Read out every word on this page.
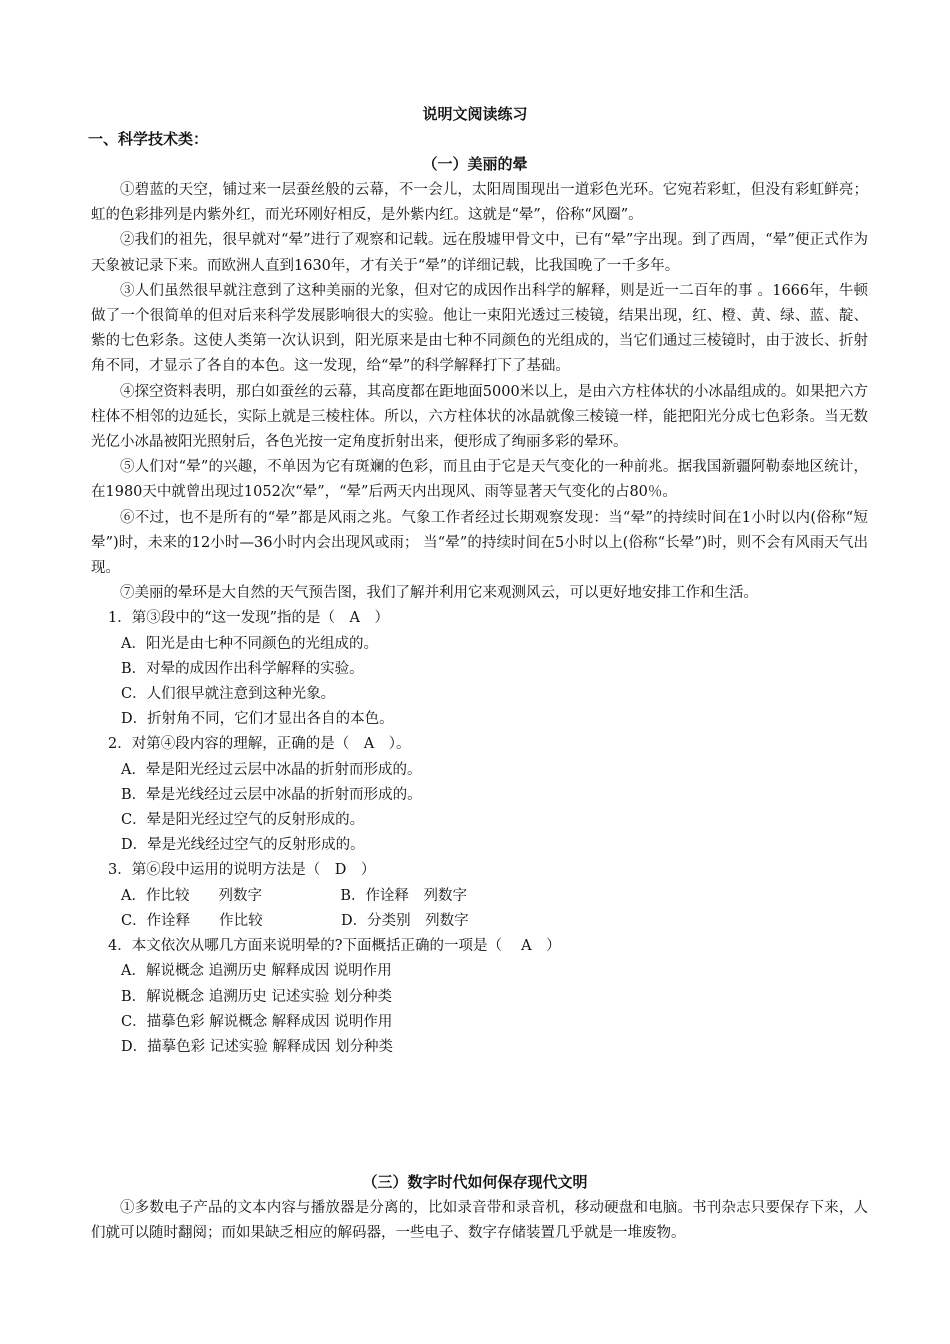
说明文阅读练习
一、科学技术类：
（一）美丽的晕

①碧蓝的天空，铺过来一层蚕丝般的云幕，不一会儿，太阳周围现出一道彩色光环。它宛若彩虹，但没有彩虹鲜亮；虹的色彩排列是内紫外红，而光环刚好相反，是外紫内红。这就是“晕”，俗称“风圈”。

②我们的祖先，很早就对“晕”进行了观察和记载。远在殷墟甲骨文中，已有“晕”字出现。到了西周，“晕”便正式作为天象被记录下来。而欧洲人直到1630年，才有关于“晕”的详细记载，比我国晚了一千多年。

③人们虽然很早就注意到了这种美丽的光象，但对它的成因作出科学的解释，则是近一二百年的事 。1666年，牛顿做了一个很简单的但对后来科学发展影响很大的实验。他让一束阳光透过三棱镜，结果出现，红、橙、黄、绿、蓝、靛、紫的七色彩条。这使人类第一次认识到，阳光原来是由七种不同颜色的光组成的，当它们通过三棱镜时，由于波长、折射角不同，才显示了各自的本色。这一发现，给“晕”的科学解释打下了基础。

④探空资料表明，那白如蚕丝的云幕，其高度都在距地面5000米以上，是由六方柱体状的小冰晶组成的。如果把六方柱体不相邻的边延长，实际上就是三棱柱体。所以，六方柱体状的冰晶就像三棱镜一样，能把阳光分成七色彩条。当无数光亿小冰晶被阳光照射后，各色光按一定角度折射出来，便形成了绚丽多彩的晕环。

⑤人们对“晕”的兴趣，不单因为它有斑斓的色彩，而且由于它是天气变化的一种前兆。据我国新疆阿勒泰地区统计，在1980天中就曾出现过1052次“晕”，“晕”后两天内出现风、雨等显著天气变化的占80％。

⑥不过，也不是所有的“晕”都是风雨之兆。气象工作者经过长期观察发现：当“晕”的持续时间在1小时以内(俗称“短晕”)时，未来的12小时—36小时内会出现风或雨； 当“晕”的持续时间在5小时以上(俗称“长晕”)时，则不会有风雨天气出现。

⑦美丽的晕环是大自然的天气预告图，我们了解并利用它来观测风云，可以更好地安排工作和生活。

1．第③段中的“这一发现”指的是（　A　）

A．阳光是由七种不同颜色的光组成的。

B．对晕的成因作出科学解释的实验。

C．人们很早就注意到这种光象。

D．折射角不同，它们才显出各自的本色。

2．对第④段内容的理解，正确的是（　A　）。

A．晕是阳光经过云层中冰晶的折射而形成的。

B．晕是光线经过云层中冰晶的折射而形成的。

C．晕是阳光经过空气的反射形成的。

D．晕是光线经过空气的反射形成的。

3．第⑥段中运用的说明方法是（　D　）

A．作比较　　列数字                 B．作诠释　列数字

C．作诠释　　作比较                 D．分类别　列数字

4．本文依次从哪几方面来说明晕的?下面概括正确的一项是（　 A　）

A．解说概念 追溯历史 解释成因 说明作用

B．解说概念 追溯历史 记述实验 划分种类

C．描摹色彩 解说概念 解释成因 说明作用

D．描摹色彩 记述实验 解释成因 划分种类

（三）数字时代如何保存现代文明

①多数电子产品的文本内容与播放器是分离的，比如录音带和录音机，移动硬盘和电脑。书刊杂志只要保存下来，人们就可以随时翻阅；而如果缺乏相应的解码器，一些电子、数字存储装置几乎就是一堆废物。
